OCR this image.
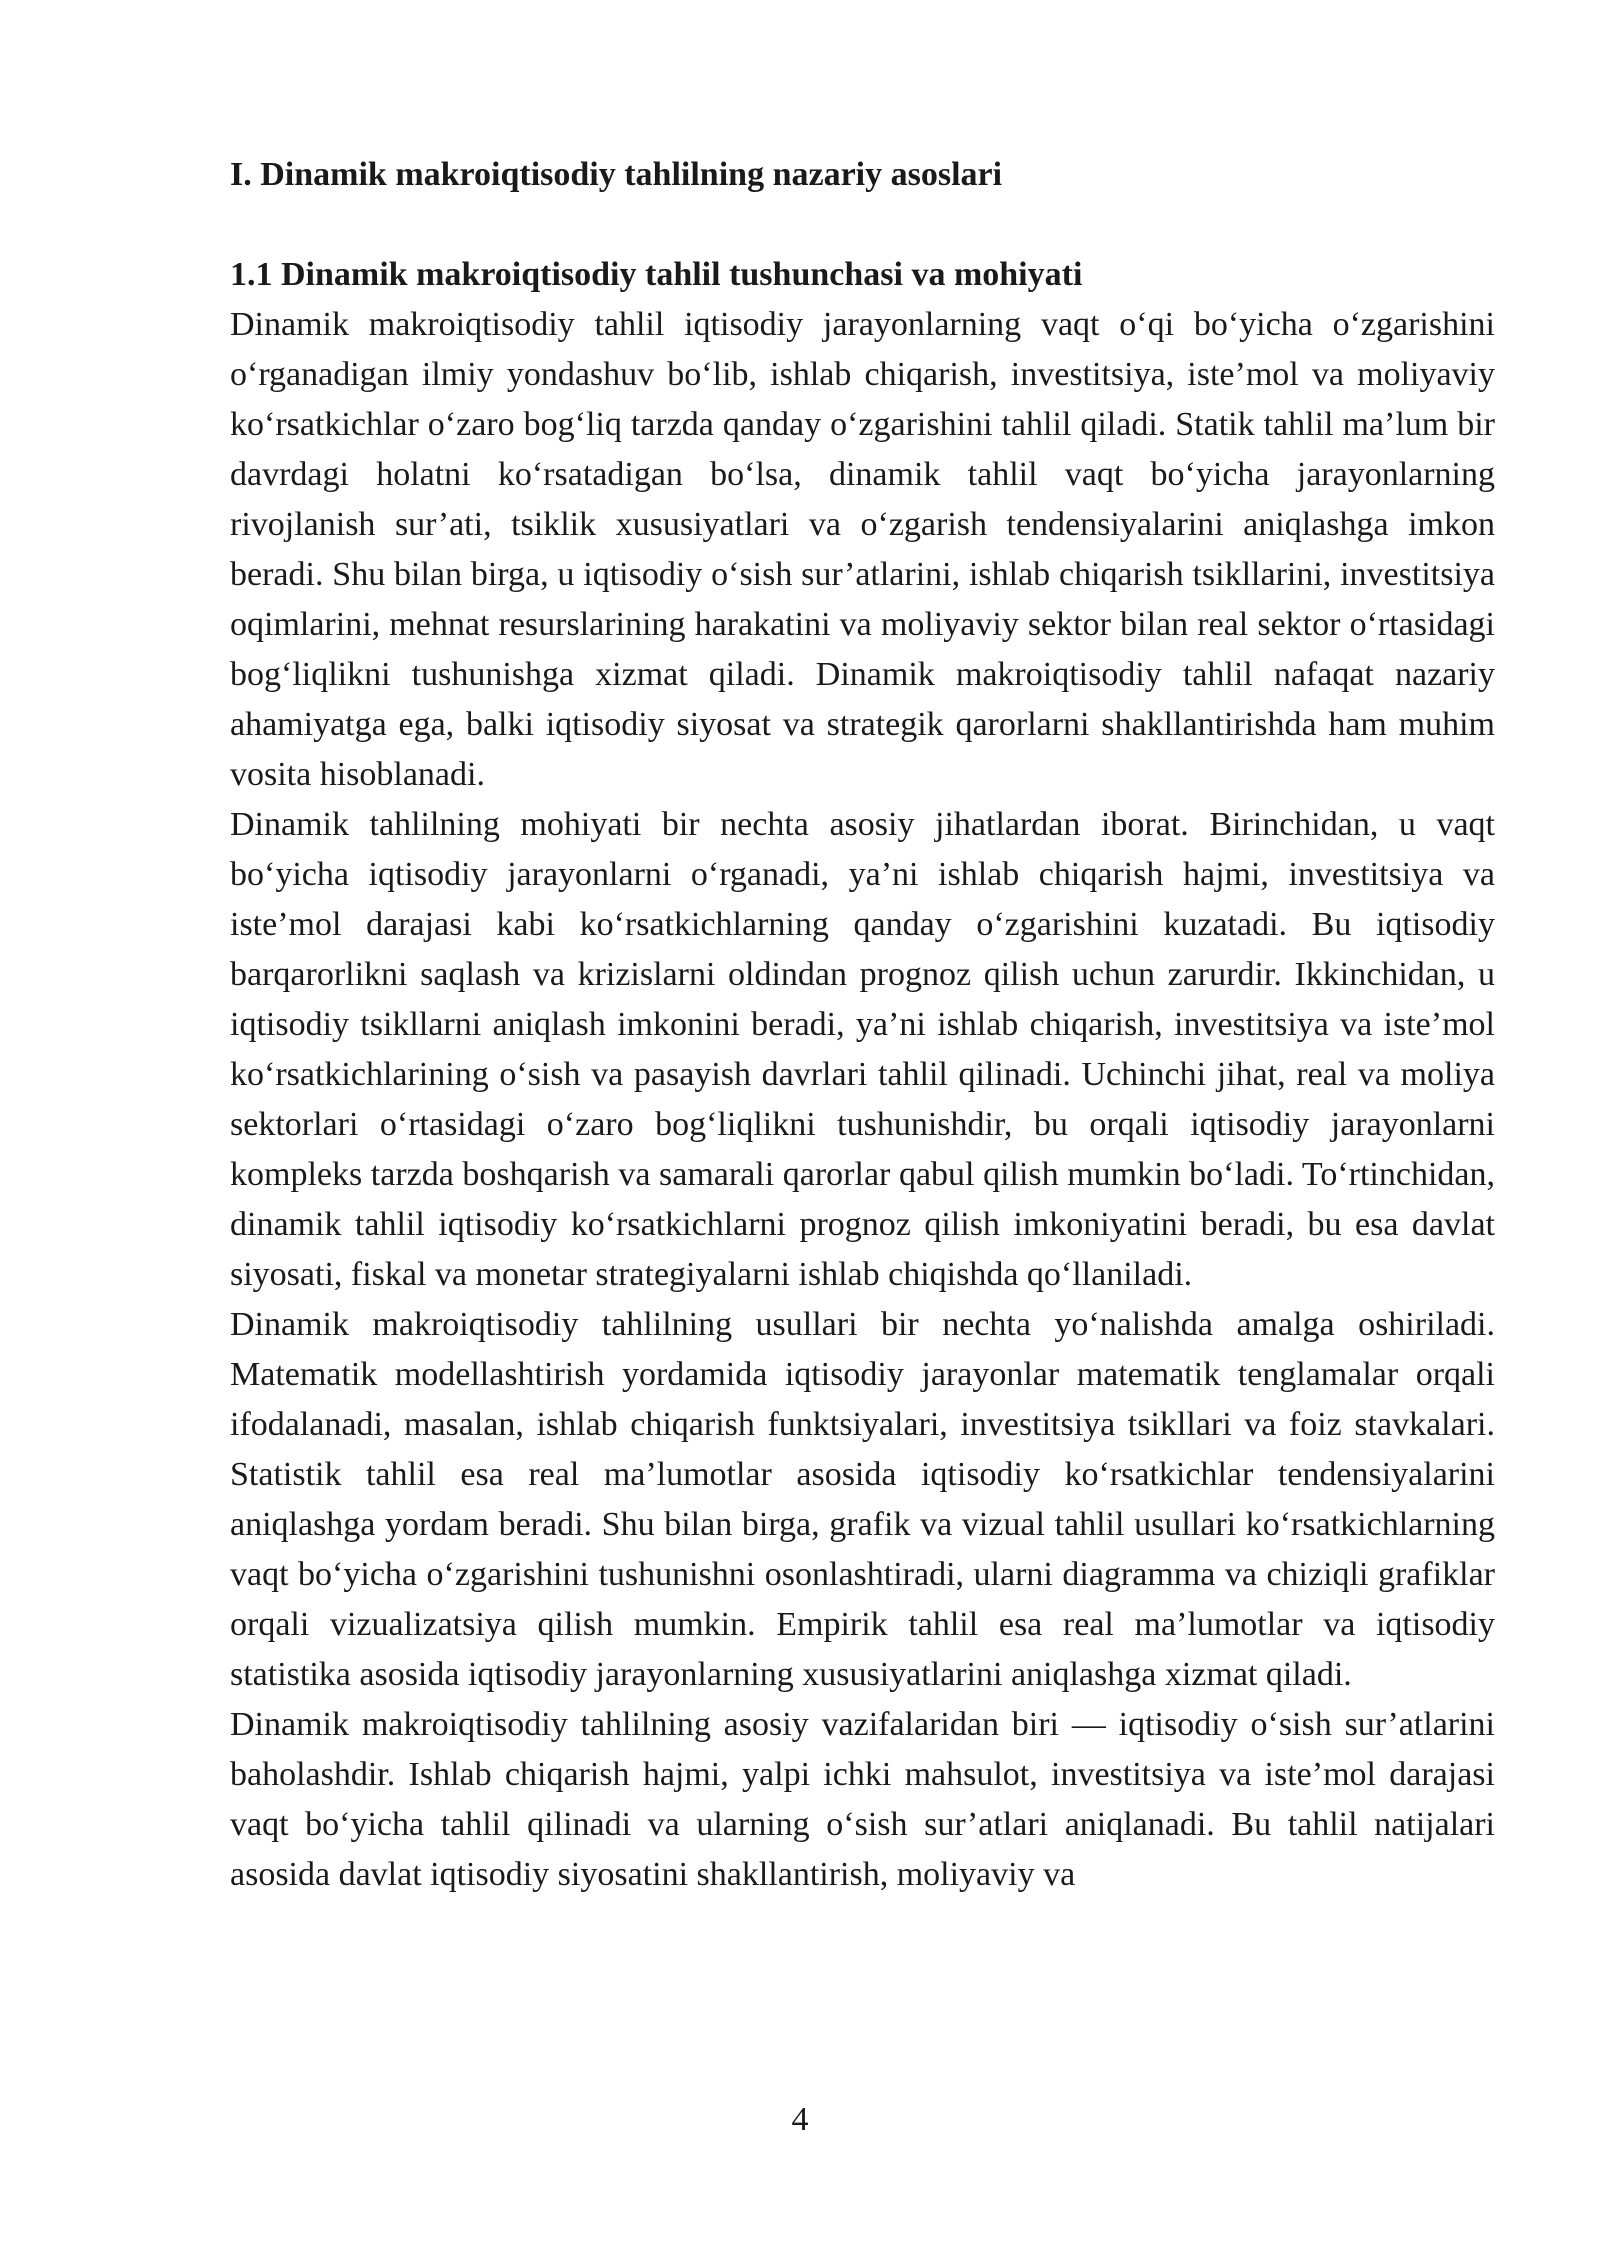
I. Dinamik makroiqtisodiy tahlilning nazariy asoslari
1.1 Dinamik makroiqtisodiy tahlil tushunchasi va mohiyati

Dinamik makroiqtisodiy tahlil iqtisodiy jarayonlarning vaqt o‘qi bo‘yicha o‘zgarishini o‘rganadigan ilmiy yondashuv bo‘lib, ishlab chiqarish, investitsiya, iste’mol va moliyaviy ko‘rsatkichlar o‘zaro bog‘liq tarzda qanday o‘zgarishini tahlil qiladi. Statik tahlil ma’lum bir davrdagi holatni ko‘rsatadigan bo‘lsa, dinamik tahlil vaqt bo‘yicha jarayonlarning rivojlanish sur’ati, tsiklik xususiyatlari va o‘zgarish tendensiyalarini aniqlashga imkon beradi. Shu bilan birga, u iqtisodiy o‘sish sur’atlarini, ishlab chiqarish tsikllarini, investitsiya oqimlarini, mehnat resurslarining harakatini va moliyaviy sektor bilan real sektor o‘rtasidagi bog‘liqlikni tushunishga xizmat qiladi. Dinamik makroiqtisodiy tahlil nafaqat nazariy ahamiyatga ega, balki iqtisodiy siyosat va strategik qarorlarni shakllantirishda ham muhim vosita hisoblanadi.

Dinamik tahlilning mohiyati bir nechta asosiy jihatlardan iborat. Birinchidan, u vaqt bo‘yicha iqtisodiy jarayonlarni o‘rganadi, ya’ni ishlab chiqarish hajmi, investitsiya va iste’mol darajasi kabi ko‘rsatkichlarning qanday o‘zgarishini kuzatadi. Bu iqtisodiy barqarorlikni saqlash va krizislarni oldindan prognoz qilish uchun zarurdir. Ikkinchidan, u iqtisodiy tsikllarni aniqlash imkonini beradi, ya’ni ishlab chiqarish, investitsiya va iste’mol ko‘rsatkichlarining o‘sish va pasayish davrlari tahlil qilinadi. Uchinchi jihat, real va moliya sektorlari o‘rtasidagi o‘zaro bog‘liqlikni tushunishdir, bu orqali iqtisodiy jarayonlarni kompleks tarzda boshqarish va samarali qarorlar qabul qilish mumkin bo‘ladi. To‘rtinchidan, dinamik tahlil iqtisodiy ko‘rsatkichlarni prognoz qilish imkoniyatini beradi, bu esa davlat siyosati, fiskal va monetar strategiyalarni ishlab chiqishda qo‘llaniladi.

Dinamik makroiqtisodiy tahlilning usullari bir nechta yo‘nalishda amalga oshiriladi. Matematik modellashtirish yordamida iqtisodiy jarayonlar matematik tenglamalar orqali ifodalanadi, masalan, ishlab chiqarish funktsiyalari, investitsiya tsikllari va foiz stavkalari. Statistik tahlil esa real ma’lumotlar asosida iqtisodiy ko‘rsatkichlar tendensiyalarini aniqlashga yordam beradi. Shu bilan birga, grafik va vizual tahlil usullari ko‘rsatkichlarning vaqt bo‘yicha o‘zgarishini tushunishni osonlashtiradi, ularni diagramma va chiziqli grafiklar orqali vizualizatsiya qilish mumkin. Empirik tahlil esa real ma’lumotlar va iqtisodiy statistika asosida iqtisodiy jarayonlarning xususiyatlarini aniqlashga xizmat qiladi.

Dinamik makroiqtisodiy tahlilning asosiy vazifalaridan biri — iqtisodiy o‘sish sur’atlarini baholashdir. Ishlab chiqarish hajmi, yalpi ichki mahsulot, investitsiya va iste’mol darajasi vaqt bo‘yicha tahlil qilinadi va ularning o‘sish sur’atlari aniqlanadi. Bu tahlil natijalari asosida davlat iqtisodiy siyosatini shakllantirish, moliyaviy va

4
